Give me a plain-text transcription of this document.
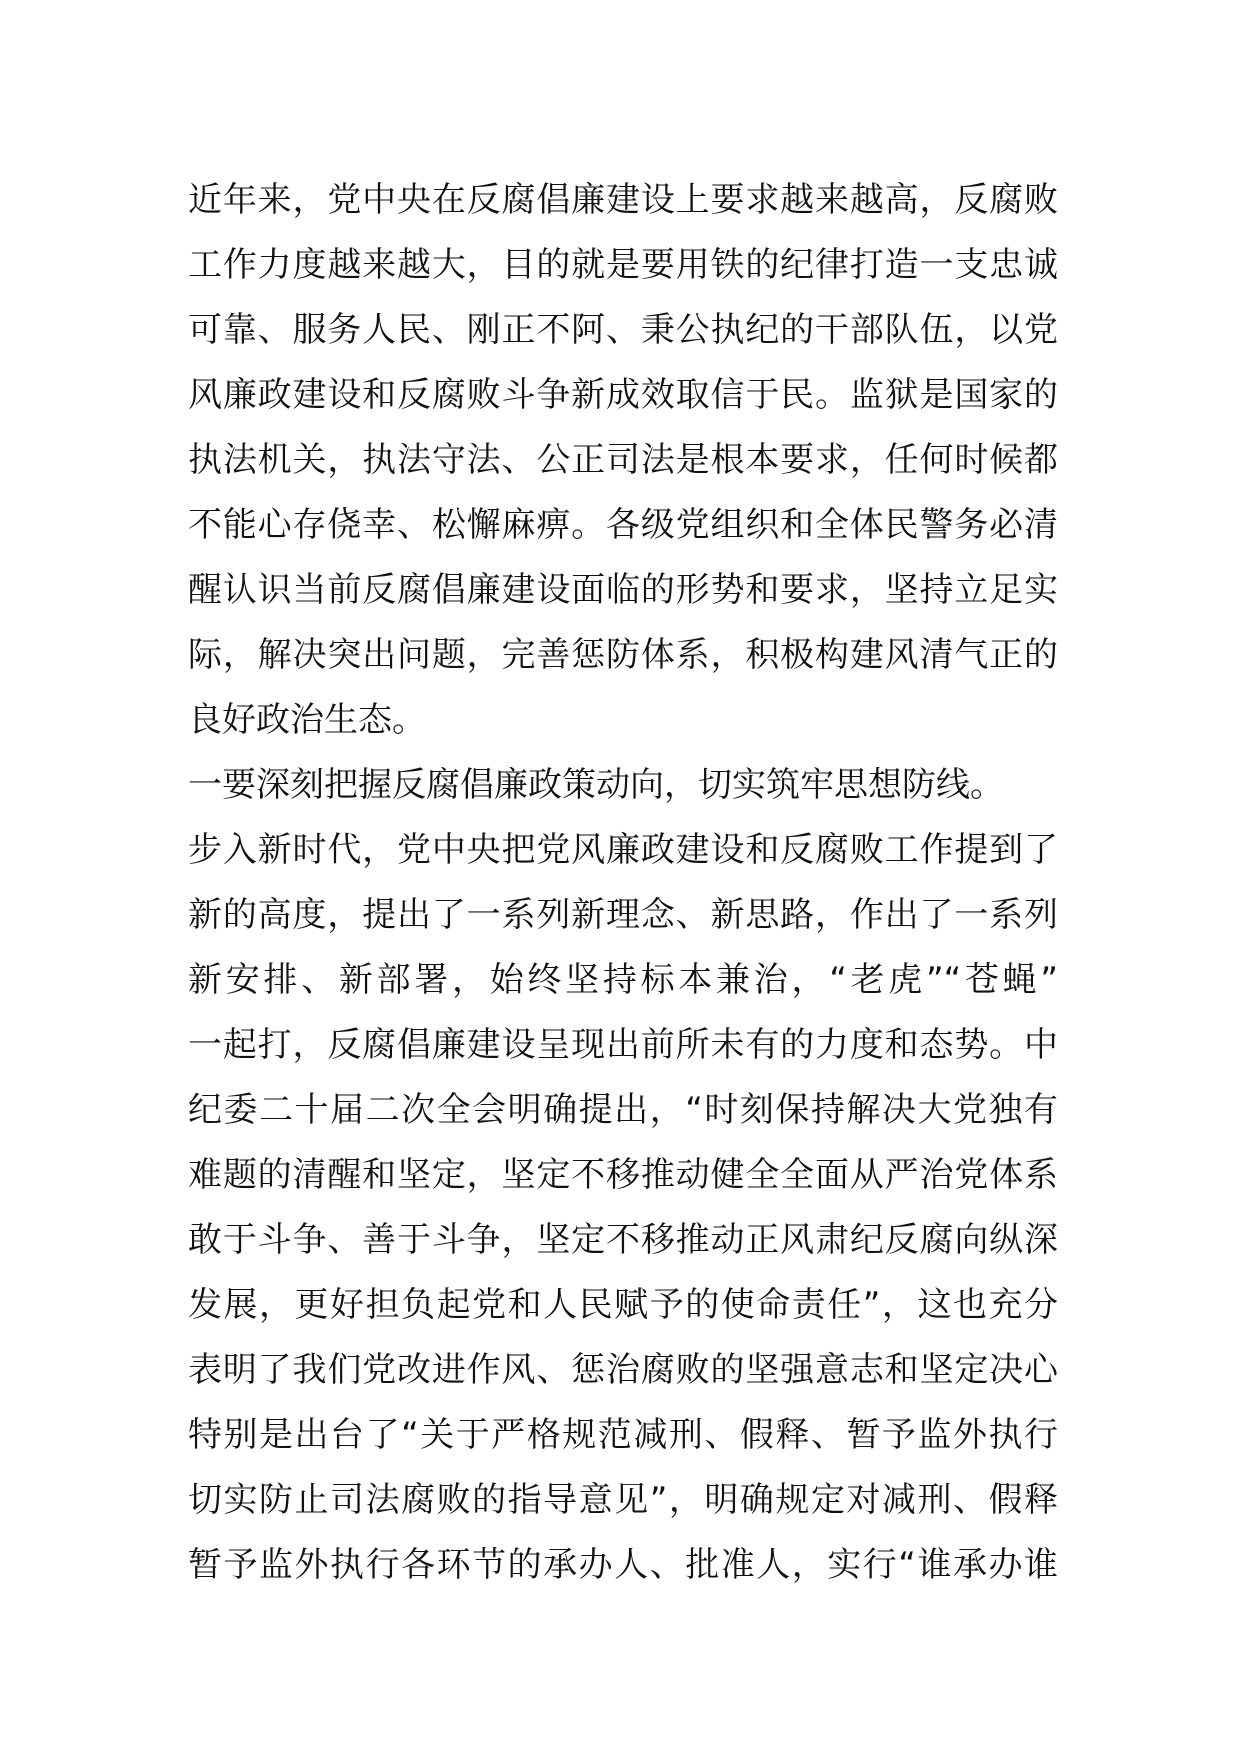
近年来，党中央在反腐倡廉建设上要求越来越高，反腐败
工作力度越来越大，目的就是要用铁的纪律打造一支忠诚
可靠、服务人民、刚正不阿、秉公执纪的干部队伍，以党
风廉政建设和反腐败斗争新成效取信于民。监狱是国家的
执法机关，执法守法、公正司法是根本要求，任何时候都
不能心存侥幸、松懈麻痹。各级党组织和全体民警务必清
醒认识当前反腐倡廉建设面临的形势和要求，坚持立足实
际，解决突出问题，完善惩防体系，积极构建风清气正的
良好政治生态。
一要深刻把握反腐倡廉政策动向，切实筑牢思想防线。
步入新时代，党中央把党风廉政建设和反腐败工作提到了
新的高度，提出了一系列新理念、新思路，作出了一系列
新安排、新部署，始终坚持标本兼治，“老虎”“苍蝇”
一起打，反腐倡廉建设呈现出前所未有的力度和态势。中
纪委二十届二次全会明确提出，“时刻保持解决大党独有
难题的清醒和坚定，坚定不移推动健全全面从严治党体系
敢于斗争、善于斗争，坚定不移推动正风肃纪反腐向纵深
发展，更好担负起党和人民赋予的使命责任”，这也充分
表明了我们党改进作风、惩治腐败的坚强意志和坚定决心
特别是出台了“关于严格规范减刑、假释、暂予监外执行
切实防止司法腐败的指导意见”，明确规定对减刑、假释
暂予监外执行各环节的承办人、批准人，实行“谁承办谁
